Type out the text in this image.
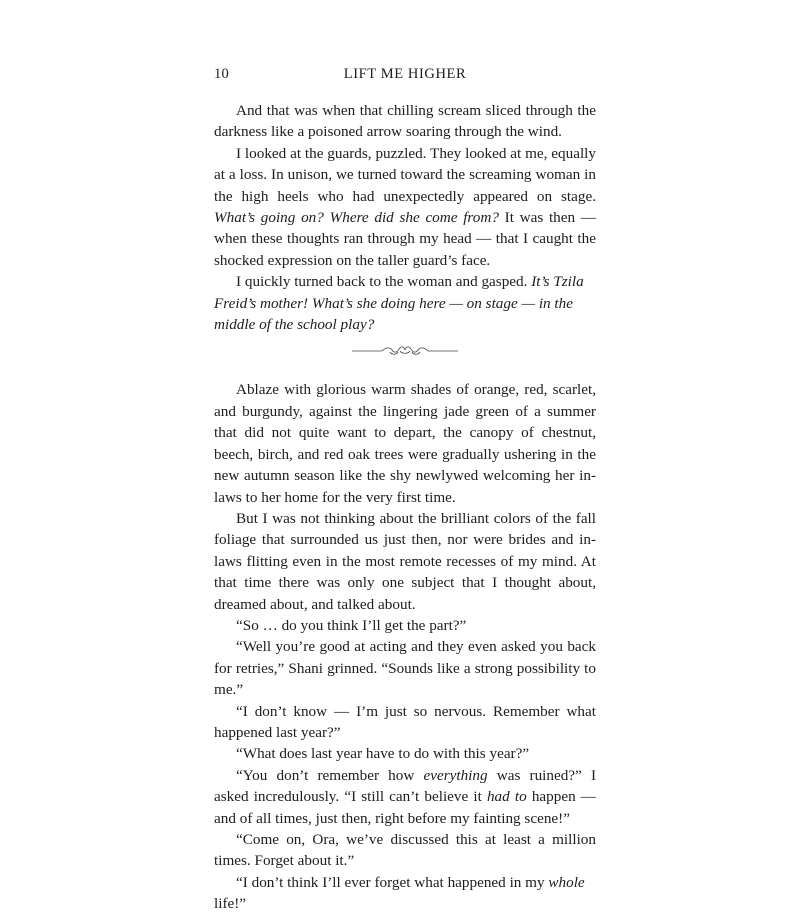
10	LIFT ME HIGHER

And that was when that chilling scream sliced through the darkness like a poisoned arrow soaring through the wind.

I looked at the guards, puzzled. They looked at me, equally at a loss. In unison, we turned toward the screaming woman in the high heels who had unexpectedly appeared on stage. What’s going on? Where did she come from? It was then — when these thoughts ran through my head — that I caught the shocked expression on the taller guard’s face.

I quickly turned back to the woman and gasped. It’s Tzila Freid’s mother! What’s she doing here — on stage — in the middle of the school play?

Ablaze with glorious warm shades of orange, red, scarlet, and burgundy, against the lingering jade green of a summer that did not quite want to depart, the canopy of chestnut, beech, birch, and red oak trees were gradually ushering in the new autumn season like the shy newlywed welcoming her in-laws to her home for the very first time.

But I was not thinking about the brilliant colors of the fall foliage that surrounded us just then, nor were brides and in-laws flitting even in the most remote recesses of my mind. At that time there was only one subject that I thought about, dreamed about, and talked about.

“So … do you think I’ll get the part?”

“Well you’re good at acting and they even asked you back for retries,” Shani grinned. “Sounds like a strong possibility to me.”

“I don’t know — I’m just so nervous. Remember what happened last year?”

“What does last year have to do with this year?”

“You don’t remember how everything was ruined?” I asked incredulously. “I still can’t believe it had to happen — and of all times, just then, right before my fainting scene!”

“Come on, Ora, we’ve discussed this at least a million times. Forget about it.”

“I don’t think I’ll ever forget what happened in my whole life!”
